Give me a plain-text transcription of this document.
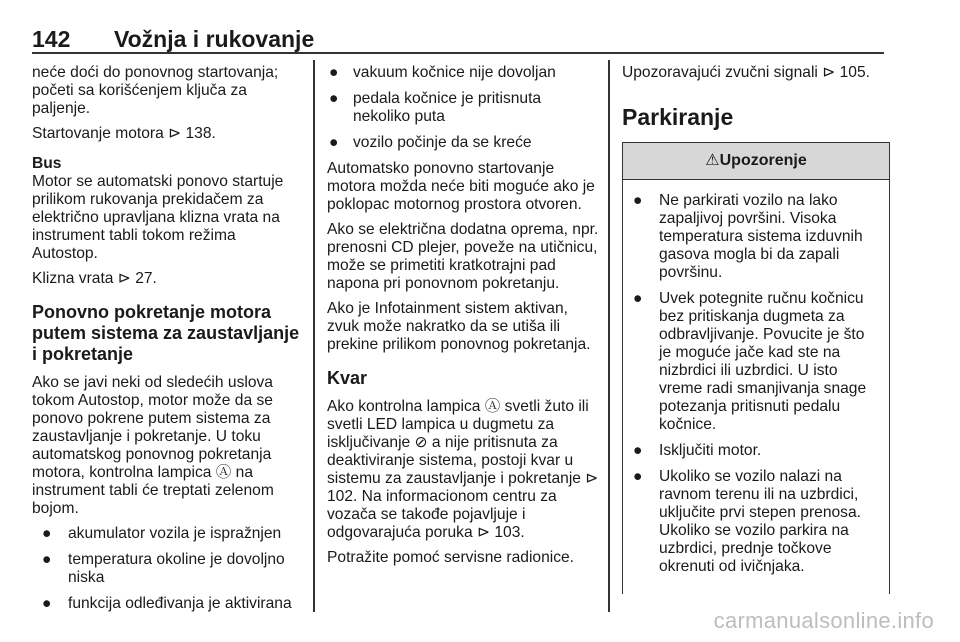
142 Vožnja i rukovanje

neće doći do ponovnog startovanja; početi sa korišćenjem ključa za paljenje.

Startovanje motora ⊳ 138.

Bus

Motor se automatski ponovo startuje prilikom rukovanja prekidačem za električno upravljana klizna vrata na instrument tabli tokom režima Autostop.

Klizna vrata ⊳ 27.

Ponovno pokretanje motora putem sistema za zaustavljanje i pokretanje

Ako se javi neki od sledećih uslova tokom Autostop, motor može da se ponovo pokrene putem sistema za zaustavljanje i pokretanje. U toku automatskog ponovnog pokretanja motora, kontrolna lampica Ⓐ na instrument tabli će treptati zelenom bojom.

● akumulator vozila je ispražnjen
● temperatura okoline je dovoljno niska
● funkcija odleđivanja je aktivirana
● vakuum kočnice nije dovoljan
● pedala kočnice je pritisnuta nekoliko puta
● vozilo počinje da se kreće

Automatsko ponovno startovanje motora možda neće biti moguće ako je poklopac motornog prostora otvoren.

Ako se električna dodatna oprema, npr. prenosni CD plejer, poveže na utičnicu, može se primetiti kratkotrajni pad napona pri ponovnom pokretanju.

Ako je Infotainment sistem aktivan, zvuk može nakratko da se utiša ili prekine prilikom ponovnog pokretanja.

Kvar

Ako kontrolna lampica Ⓐ svetli žuto ili svetli LED lampica u dugmetu za isključivanje ⊘ a nije pritisnuta za deaktiviranje sistema, postoji kvar u sistemu za zaustavljanje i pokretanje ⊳ 102. Na informacionom centru za vozača se takođe pojavljuje i odgovarajuća poruka ⊳ 103.

Potražite pomoć servisne radionice.

Upozoravajući zvučni signali ⊳ 105.

Parkiranje
⚠Upozorenje
● Ne parkirati vozilo na lako zapaljivoj površini. Visoka temperatura sistema izduvnih gasova mogla bi da zapali površinu.
● Uvek potegnite ručnu kočnicu bez pritiskanja dugmeta za odbravljivanje. Povucite je što je moguće jače kad ste na nizbrdici ili uzbrdici. U isto vreme radi smanjivanja snage potezanja pritisnuti pedalu kočnice.
● Isključiti motor.
● Ukoliko se vozilo nalazi na ravnom terenu ili na uzbrdici, uključite prvi stepen prenosa. Ukoliko se vozilo parkira na uzbrdici, prednje točkove okrenuti od ivičnjaka.
carmanualsonline.info
